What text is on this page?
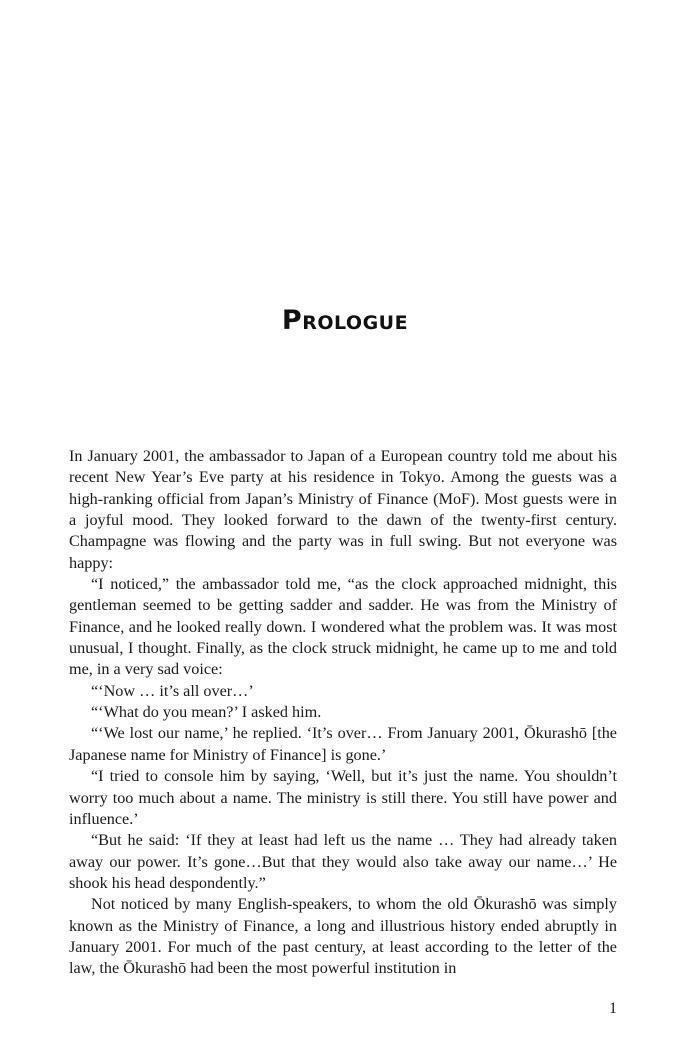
Prologue

In January 2001, the ambassador to Japan of a European country told me about his recent New Year’s Eve party at his residence in Tokyo. Among the guests was a high-ranking official from Japan’s Ministry of Finance (MoF). Most guests were in a joyful mood. They looked forward to the dawn of the twenty-first century. Champagne was flowing and the party was in full swing. But not everyone was happy:

“I noticed,” the ambassador told me, “as the clock approached midnight, this gentleman seemed to be getting sadder and sadder. He was from the Ministry of Finance, and he looked really down. I wondered what the problem was. It was most unusual, I thought. Finally, as the clock struck midnight, he came up to me and told me, in a very sad voice:

“‘Now … it’s all over…’

“‘What do you mean?’ I asked him.

“‘We lost our name,’ he replied. ‘It’s over… From January 2001, Ōkurashō [the Japanese name for Ministry of Finance] is gone.’

“I tried to console him by saying, ‘Well, but it’s just the name. You shouldn’t worry too much about a name. The ministry is still there. You still have power and influence.’

“But he said: ‘If they at least had left us the name … They had already taken away our power. It’s gone…But that they would also take away our name…’ He shook his head despondently.”

Not noticed by many English-speakers, to whom the old Ōkurashō was simply known as the Ministry of Finance, a long and illustrious history ended abruptly in January 2001. For much of the past century, at least according to the letter of the law, the Ōkurashō had been the most powerful institution in

1
